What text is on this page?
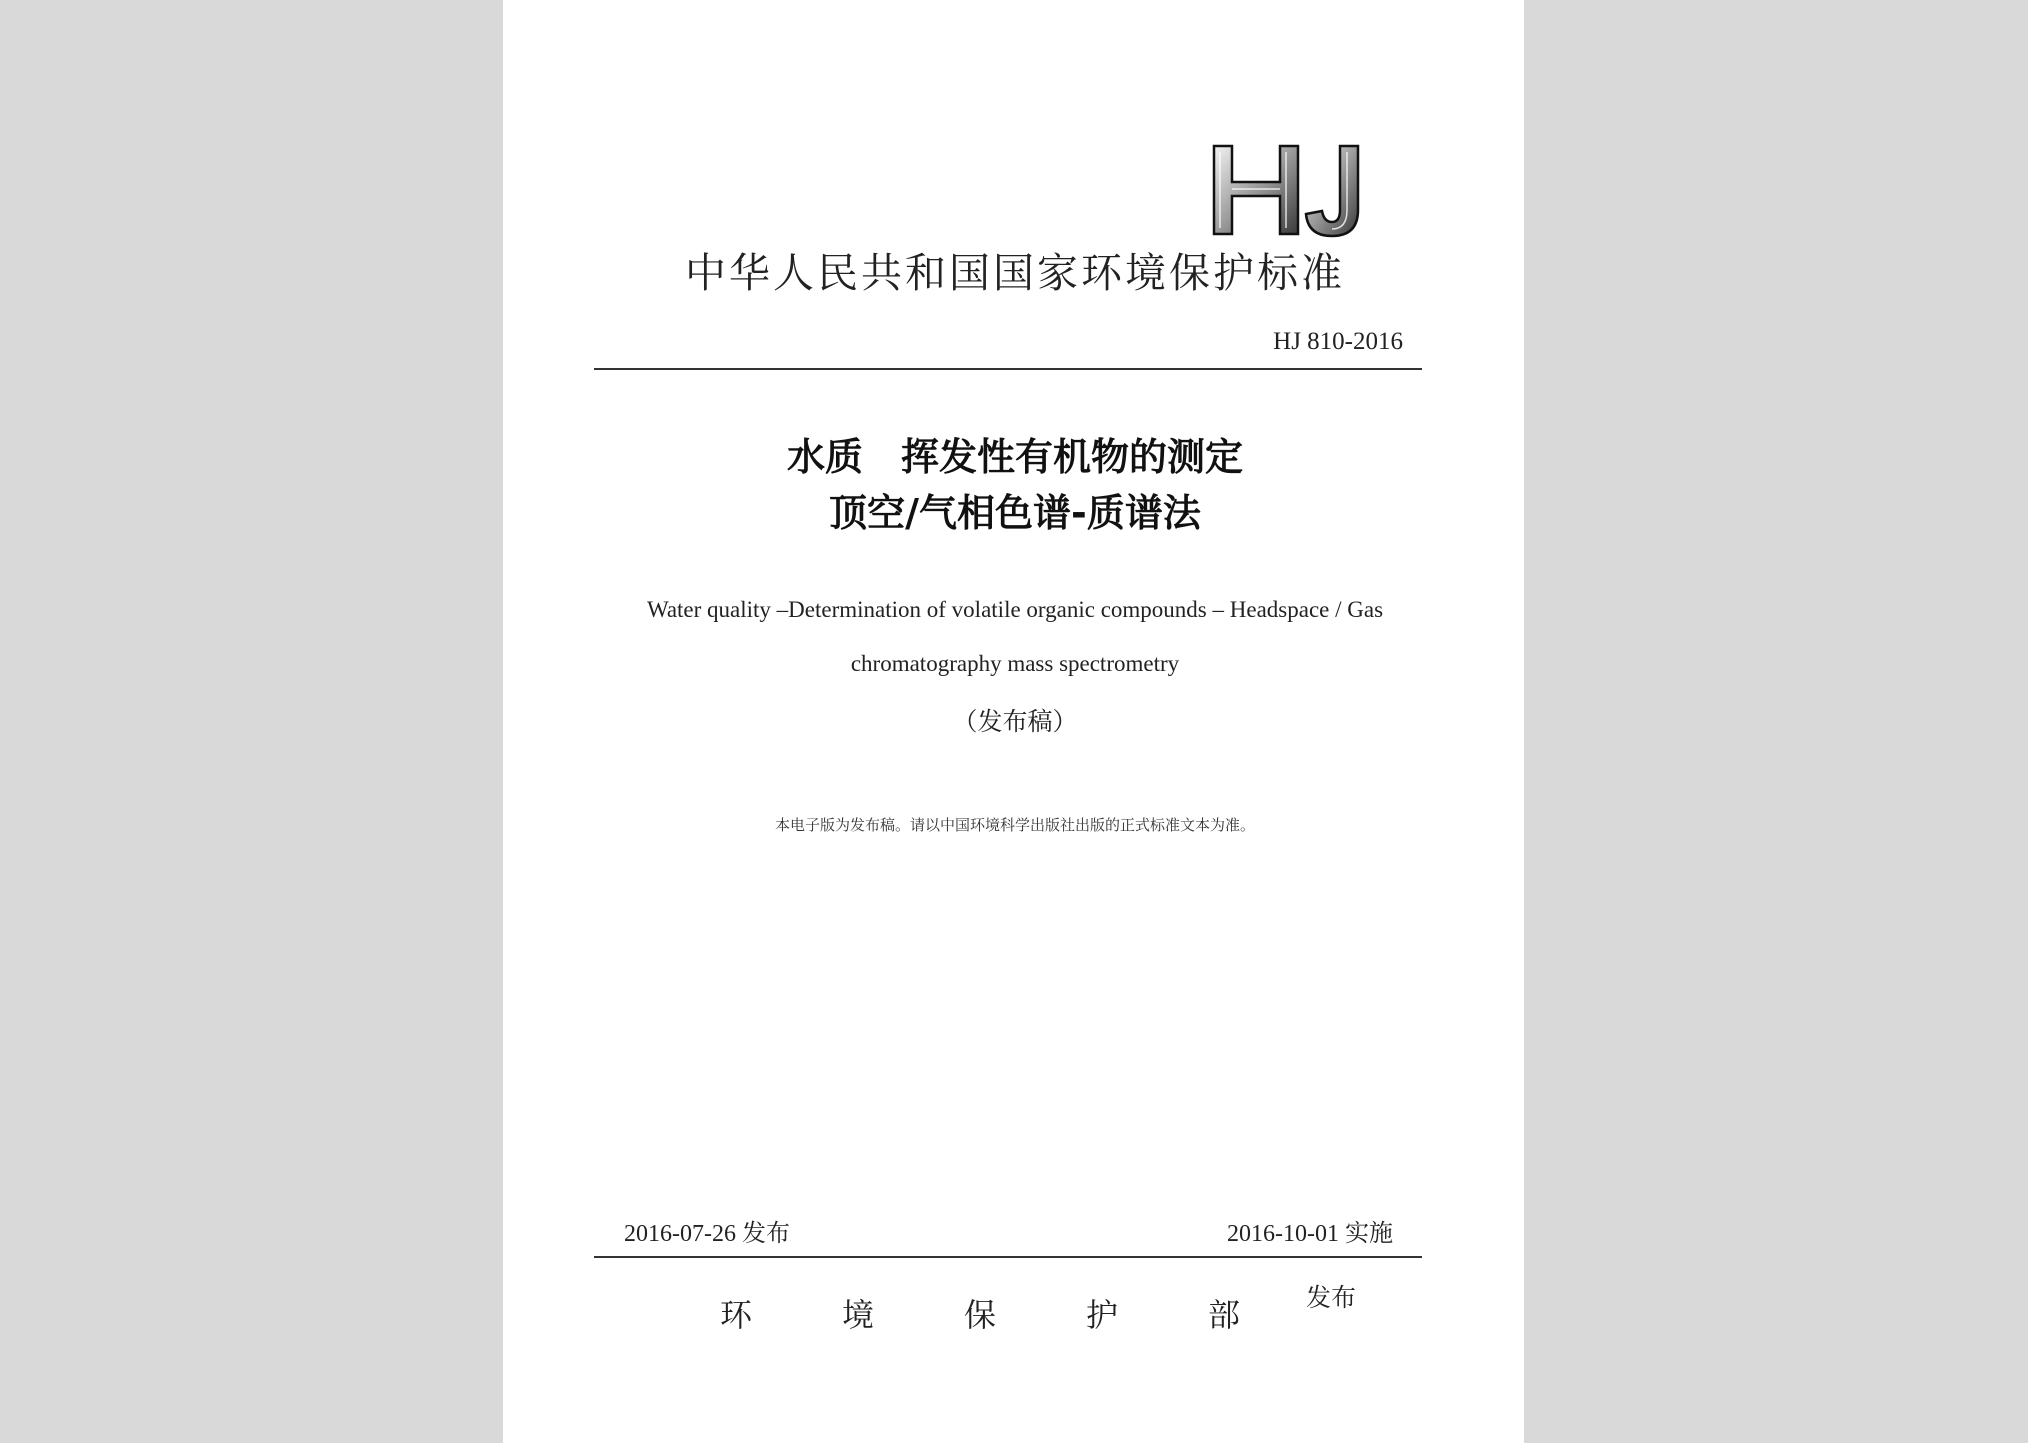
中华人民共和国国家环境保护标准
HJ 810-2016
水质　挥发性有机物的测定
顶空/气相色谱-质谱法
Water quality –Determination of volatile organic compounds – Headspace / Gas
chromatography mass spectrometry
（发布稿）
本电子版为发布稿。请以中国环境科学出版社出版的正式标准文本为准。
2016-07-26 发布	2016-10-01 实施
环	境	保	护	部	发布
